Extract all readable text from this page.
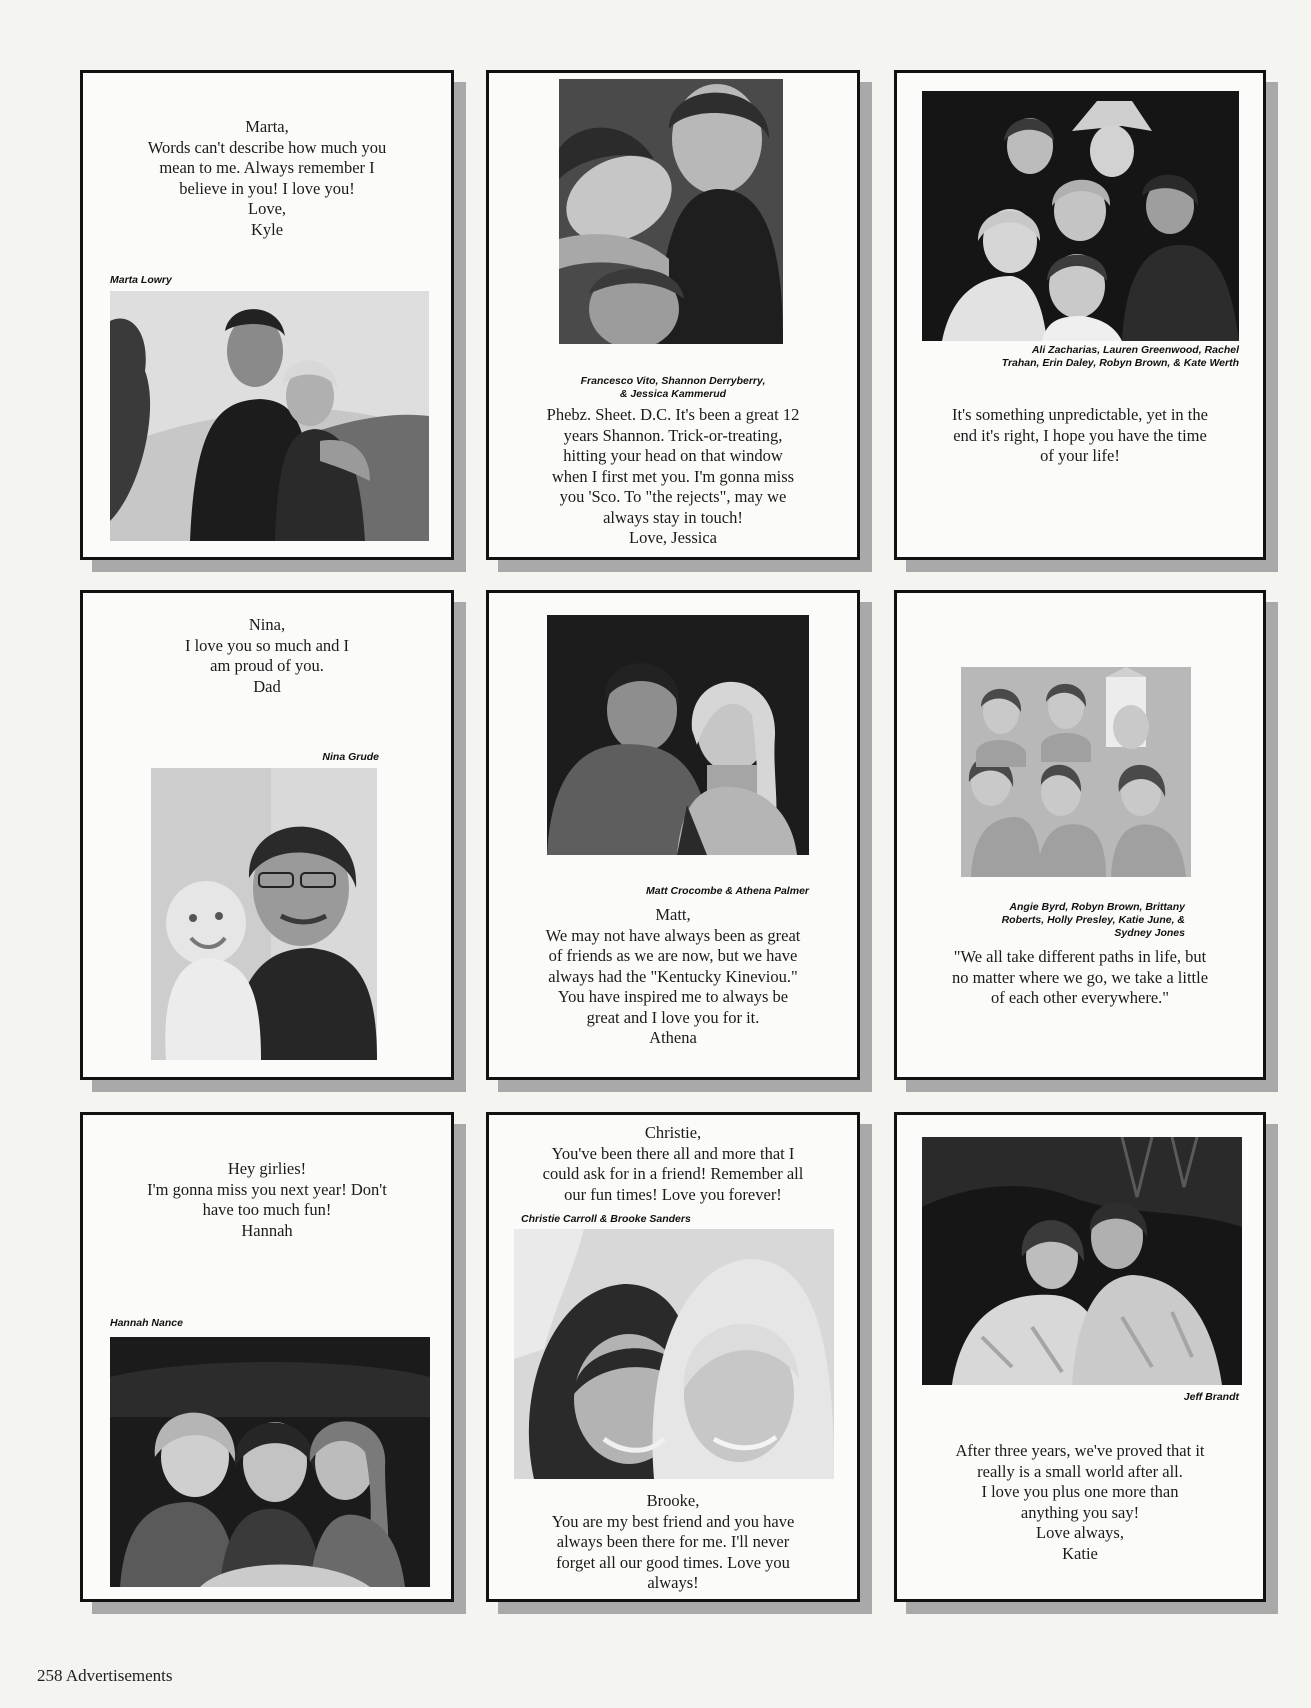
Marta,
Words can't describe how much you
mean to me. Always remember I
believe in you! I love you!
Love,
Kyle
Marta Lowry
Francesco Vito, Shannon Derryberry,
& Jessica Kammerud
Phebz. Sheet. D.C. It's been a great 12
years Shannon. Trick-or-treating,
hitting your head on that window
when I first met you. I'm gonna miss
you 'Sco. To "the rejects", may we
always stay in touch!
Love, Jessica
Ali Zacharias, Lauren Greenwood, Rachel
Trahan, Erin Daley, Robyn Brown, & Kate Werth
It's something unpredictable, yet in the
end it's right, I hope you have the time
of your life!
Nina,
I love you so much and I
am proud of you.
Dad
Nina Grude
Matt Crocombe & Athena Palmer
Matt,
We may not have always been as great
of friends as we are now, but we have
always had the "Kentucky Kineviou."
You have inspired me to always be
great and I love you for it.
Athena
Angie Byrd, Robyn Brown, Brittany
Roberts, Holly Presley, Katie June, &
Sydney Jones
"We all take different paths in life, but
no matter where we go, we take a little
of each other everywhere."
Hey girlies!
I'm gonna miss you next year! Don't
have too much fun!
Hannah
Hannah Nance
Christie,
You've been there all and more that I
could ask for in a friend! Remember all
our fun times! Love you forever!
Christie Carroll & Brooke Sanders
Brooke,
You are my best friend and you have
always been there for me. I'll never
forget all our good times. Love you
always!
Jeff Brandt
After three years, we've proved that it
really is a small world after all.
I love you plus one more than
anything you say!
Love always,
Katie
258 Advertisements
